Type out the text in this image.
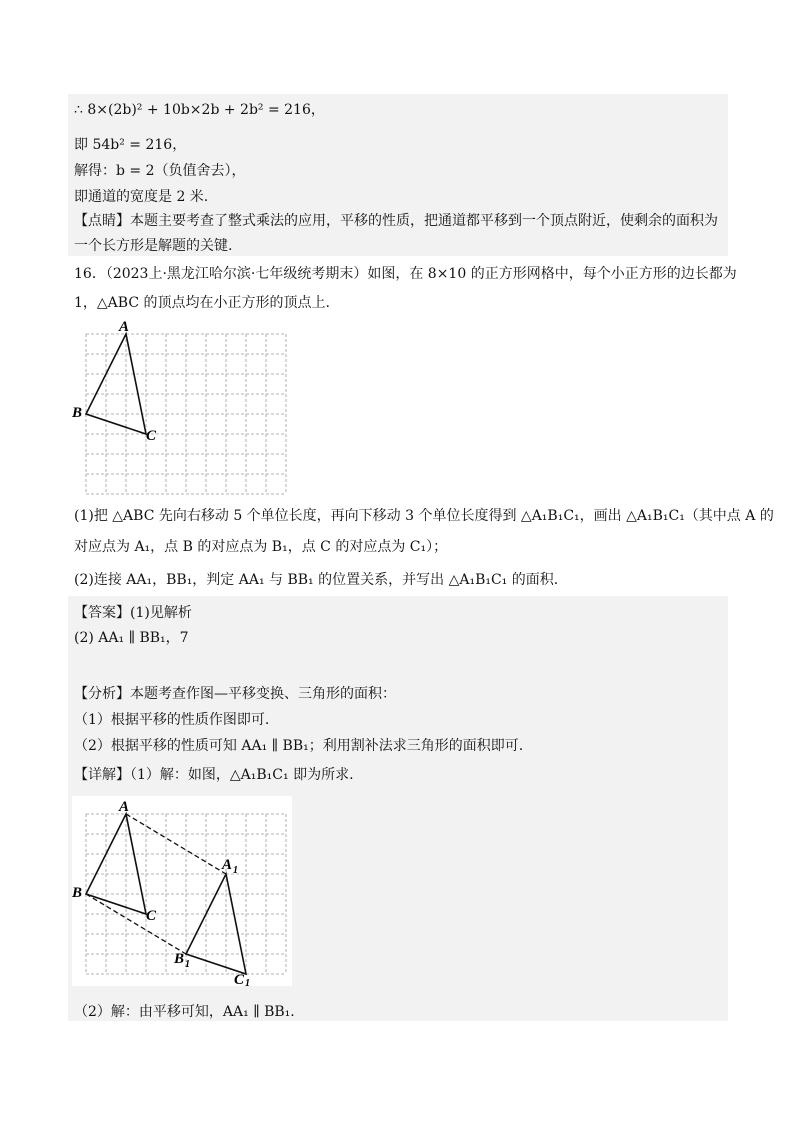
∴ 8×(2b)² + 10b×2b + 2b² = 216，
即 54b² = 216，
解得：b = 2（负值舍去），
即通道的宽度是 2 米.
【点睛】本题主要考查了整式乘法的应用，平移的性质，把通道都平移到一个顶点附近，使剩余的面积为
一个长方形是解题的关键.
16．（2023上·黑龙江哈尔滨·七年级统考期末）如图，在 8×10 的正方形网格中，每个小正方形的边长都为
1，△ABC 的顶点均在小正方形的顶点上.
A
B
C
(1)把 △ABC 先向右移动 5 个单位长度，再向下移动 3 个单位长度得到 △A₁B₁C₁，画出 △A₁B₁C₁（其中点 A 的
对应点为 A₁，点 B 的对应点为 B₁，点 C 的对应点为 C₁）；
(2)连接 AA₁，BB₁，判定 AA₁ 与 BB₁ 的位置关系，并写出 △A₁B₁C₁ 的面积.
【答案】(1)见解析
(2) AA₁ ∥ BB₁，7
【分析】本题考查作图—平移变换、三角形的面积：
（1）根据平移的性质作图即可.
（2）根据平移的性质可知 AA₁ ∥ BB₁；利用割补法求三角形的面积即可.
【详解】（1）解：如图，△A₁B₁C₁ 即为所求.
A
B
C
A 1
B 1
C 1
（2）解：由平移可知，AA₁ ∥ BB₁.
